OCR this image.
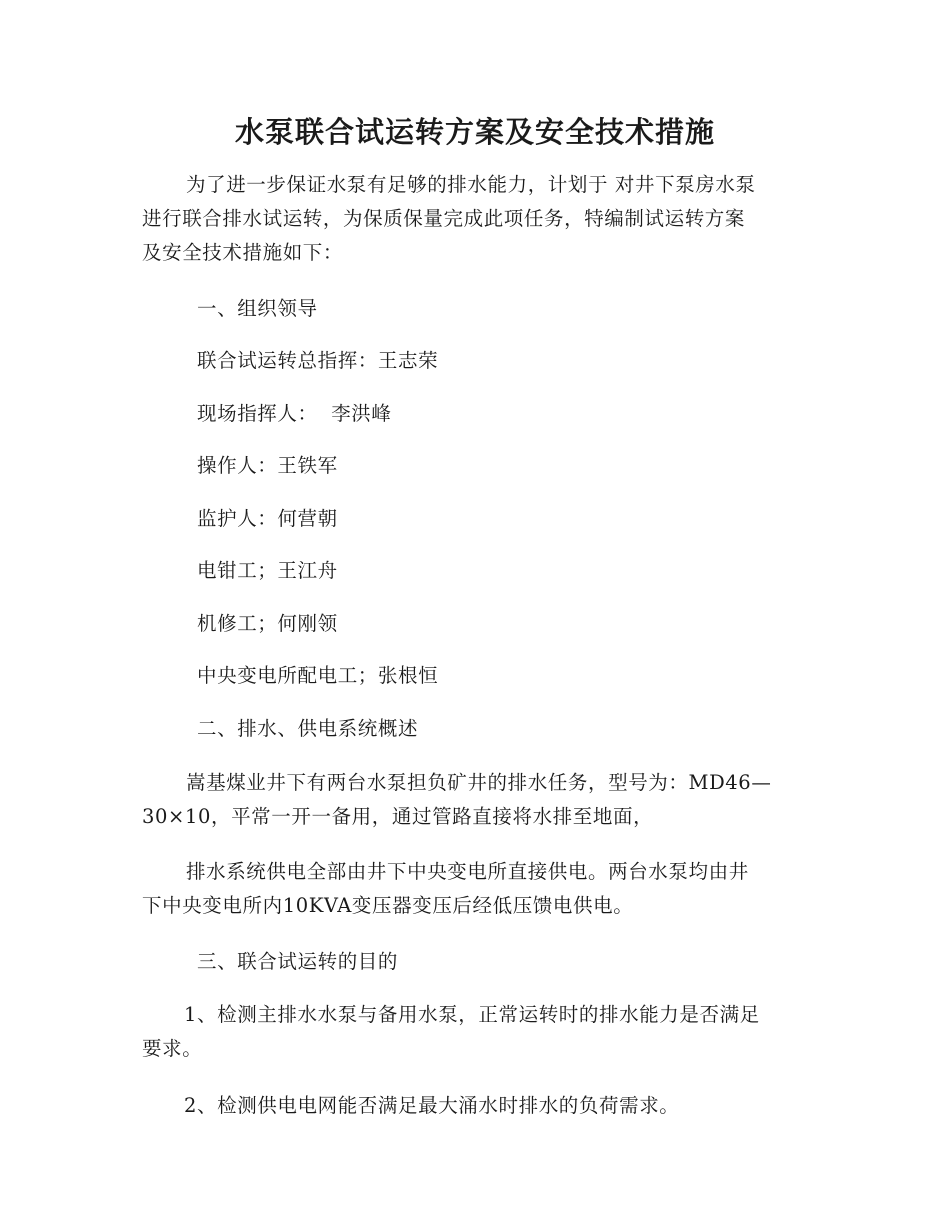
水泵联合试运转方案及安全技术措施
为了进一步保证水泵有足够的排水能力，计划于 对井下泵房水泵
进行联合排水试运转，为保质保量完成此项任务，特编制试运转方案
及安全技术措施如下：
一、组织领导
联合试运转总指挥：王志荣
现场指挥人：  李洪峰
操作人：王铁军
监护人：何营朝
电钳工；王江舟
机修工；何刚领
中央变电所配电工；张根恒
二、排水、供电系统概述
嵩基煤业井下有两台水泵担负矿井的排水任务，型号为：MD46—
30×10，平常一开一备用，通过管路直接将水排至地面，
排水系统供电全部由井下中央变电所直接供电。两台水泵均由井
下中央变电所内10KVA变压器变压后经低压馈电供电。
三、联合试运转的目的
1、检测主排水水泵与备用水泵，正常运转时的排水能力是否满足
要求。
2、检测供电电网能否满足最大涌水时排水的负荷需求。
